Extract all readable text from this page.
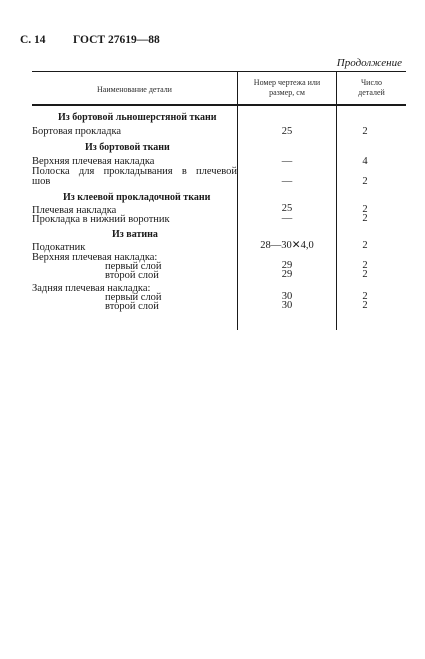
С. 14 ГОСТ 27619—88
Продолжение
Наименование детали
Номер чертежа или
размер, см
Число
деталей
Из бортовой льношерстяной ткани
Бортовая прокладка	25	2
Из бортовой ткани
Верхняя плечевая накладка	—	4
Полоска для прокладывания в плечевой
шов	—	2
Из клеевой прокладочной ткани
Плечевая накладка	25	2
Прокладка в нижний воротник	—	2
Из ватина
Подокатник	28—30✕4,0	2
Верхняя плечевая накладка:
первый слой	29	2
второй слой	29	2
Задняя плечевая накладка:
первый слой	30	2
второй слой	30	2
